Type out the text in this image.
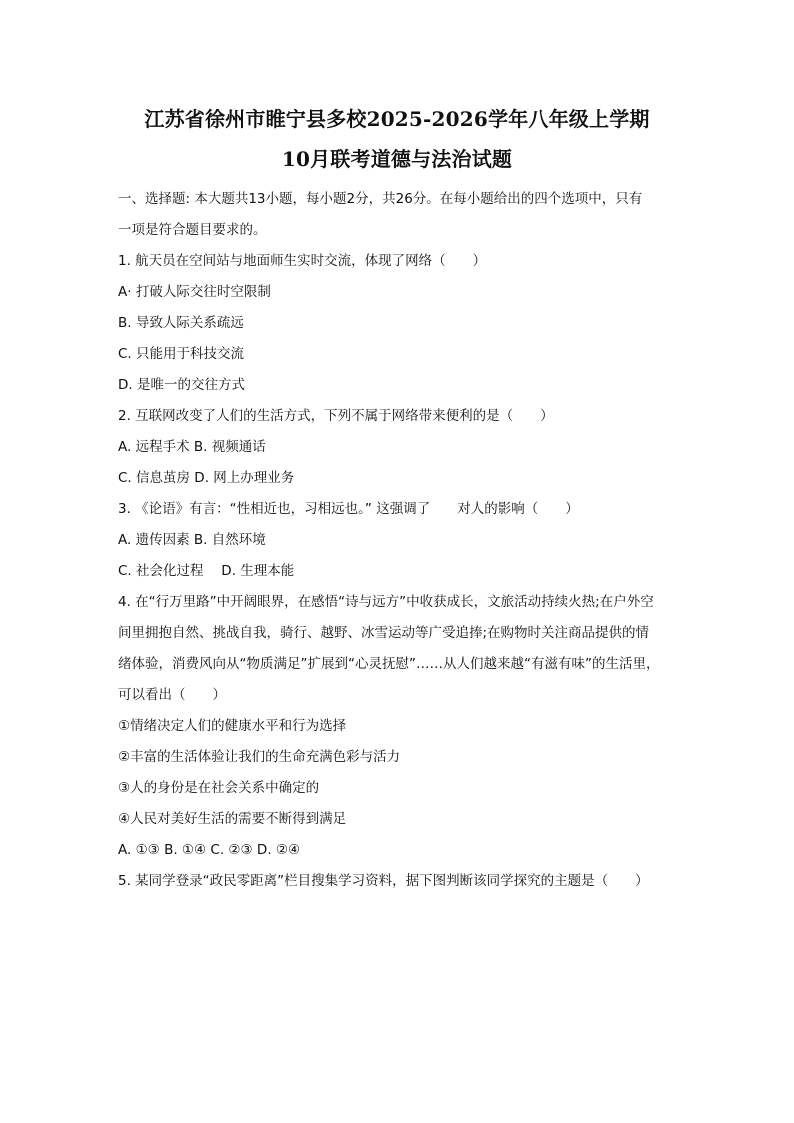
江苏省徐州市睢宁县多校2025-2026学年八年级上学期
10月联考道德与法治试题
一、选择题: 本大题共13小题，每小题2分，共26分。在每小题给出的四个选项中，只有
一项是符合题目要求的。
1. 航天员在空间站与地面师生实时交流，体现了网络（　　）
A· 打破人际交往时空限制
B. 导致人际关系疏远
C. 只能用于科技交流
D. 是唯一的交往方式
2. 互联网改变了人们的生活方式，下列不属于网络带来便利的是（　　）
A. 远程手术 B. 视频通话
C. 信息茧房 D. 网上办理业务
3. 《论语》有言：“性相近也，习相远也。” 这强调了　　对人的影响（　　）
A. 遗传因素 B. 自然环境
C. 社会化过程　 D. 生理本能
4. 在“行万里路”中开阔眼界，在感悟“诗与远方”中收获成长，文旅活动持续火热;在户外空
间里拥抱自然、挑战自我，骑行、越野、冰雪运动等广受追捧;在购物时关注商品提供的情
绪体验，消费风向从“物质满足”扩展到“心灵抚慰”……从人们越来越“有滋有味”的生活里，
可以看出（　　）
①情绪决定人们的健康水平和行为选择
②丰富的生活体验让我们的生命充满色彩与活力
③人的身份是在社会关系中确定的
④人民对美好生活的需要不断得到满足
A. ①③ B. ①④ C. ②③ D. ②④
5. 某同学登录“政民零距离”栏目搜集学习资料，据下图判断该同学探究的主题是（　　）
